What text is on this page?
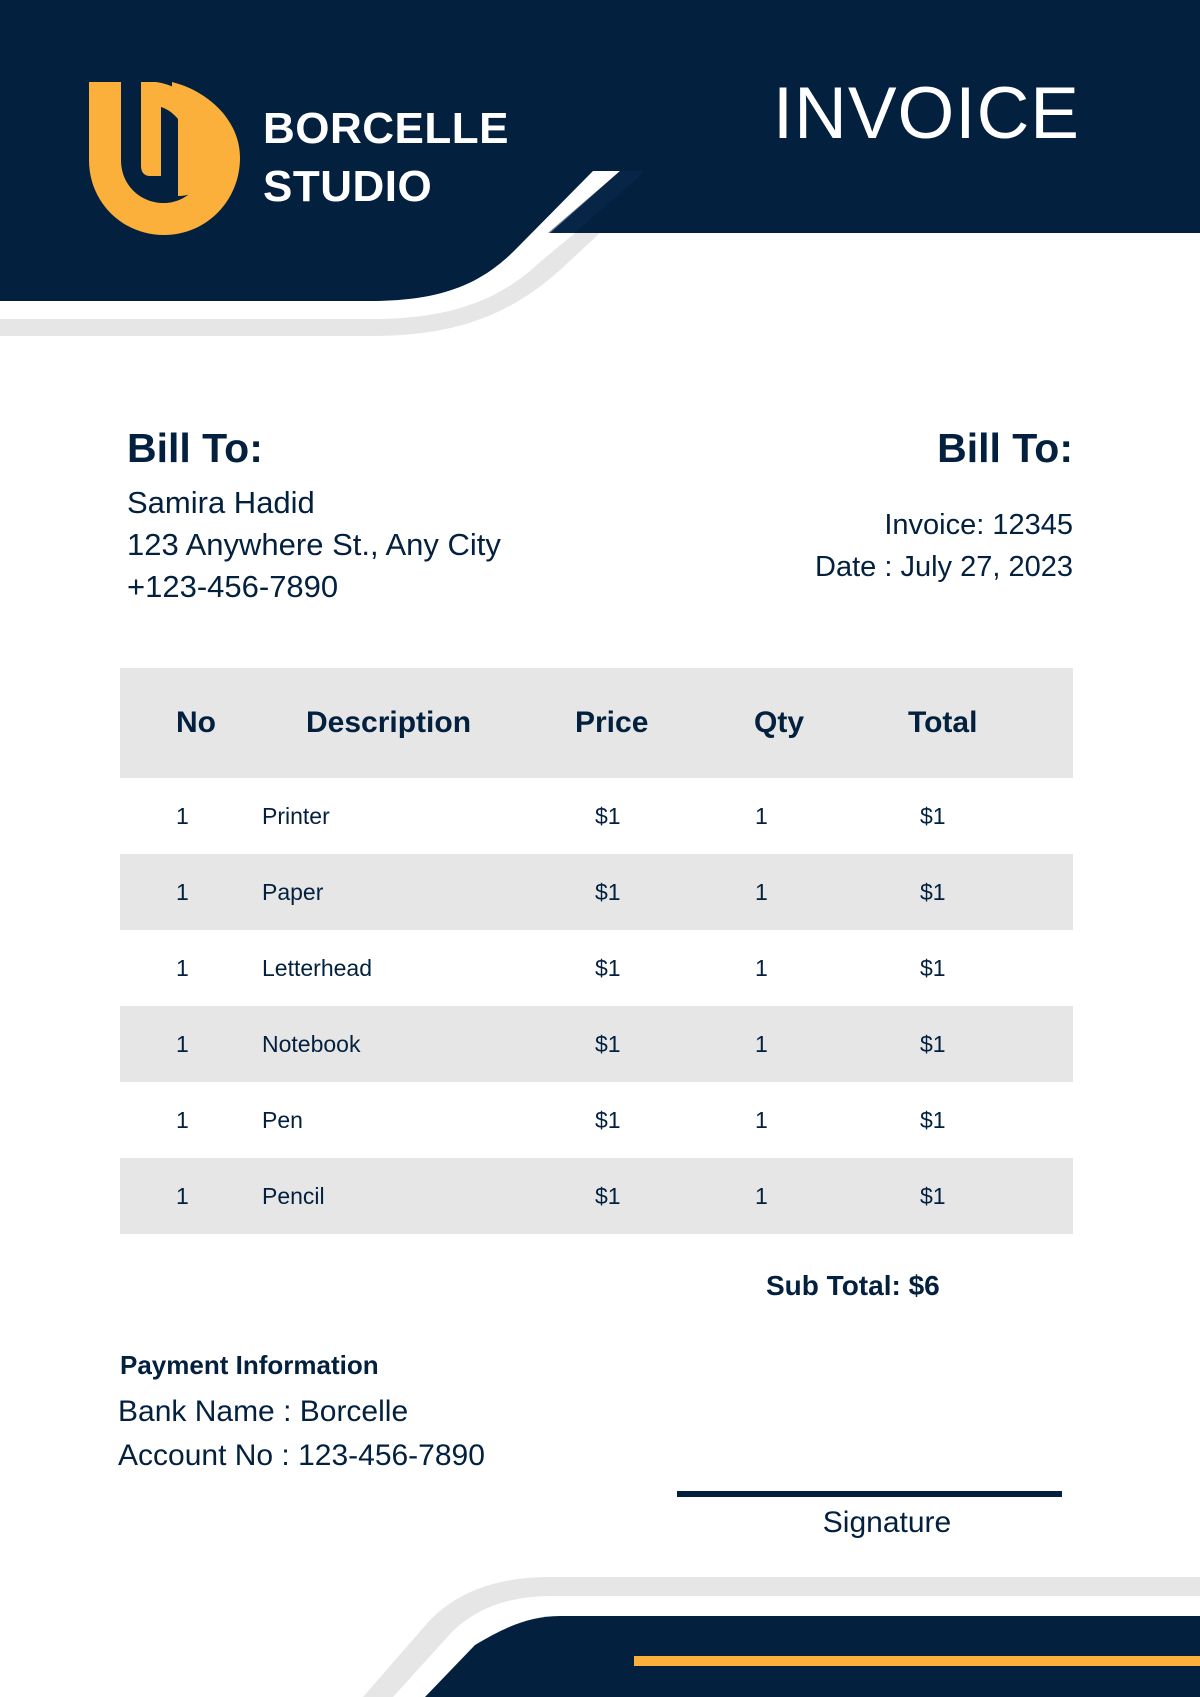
BORCELLE
STUDIO
INVOICE
Bill To:
Samira Hadid
123 Anywhere St., Any City
+123-456-7890
Bill To:
Invoice: 12345
Date : July 27, 2023
No	Description	Price	Qty	Total
1	Printer	$1	1	$1
1	Paper	$1	1	$1
1	Letterhead	$1	1	$1
1	Notebook	$1	1	$1
1	Pen	$1	1	$1
1	Pencil	$1	1	$1
Sub Total: $6
Payment Information
Bank Name : Borcelle
Account No : 123-456-7890
Signature
